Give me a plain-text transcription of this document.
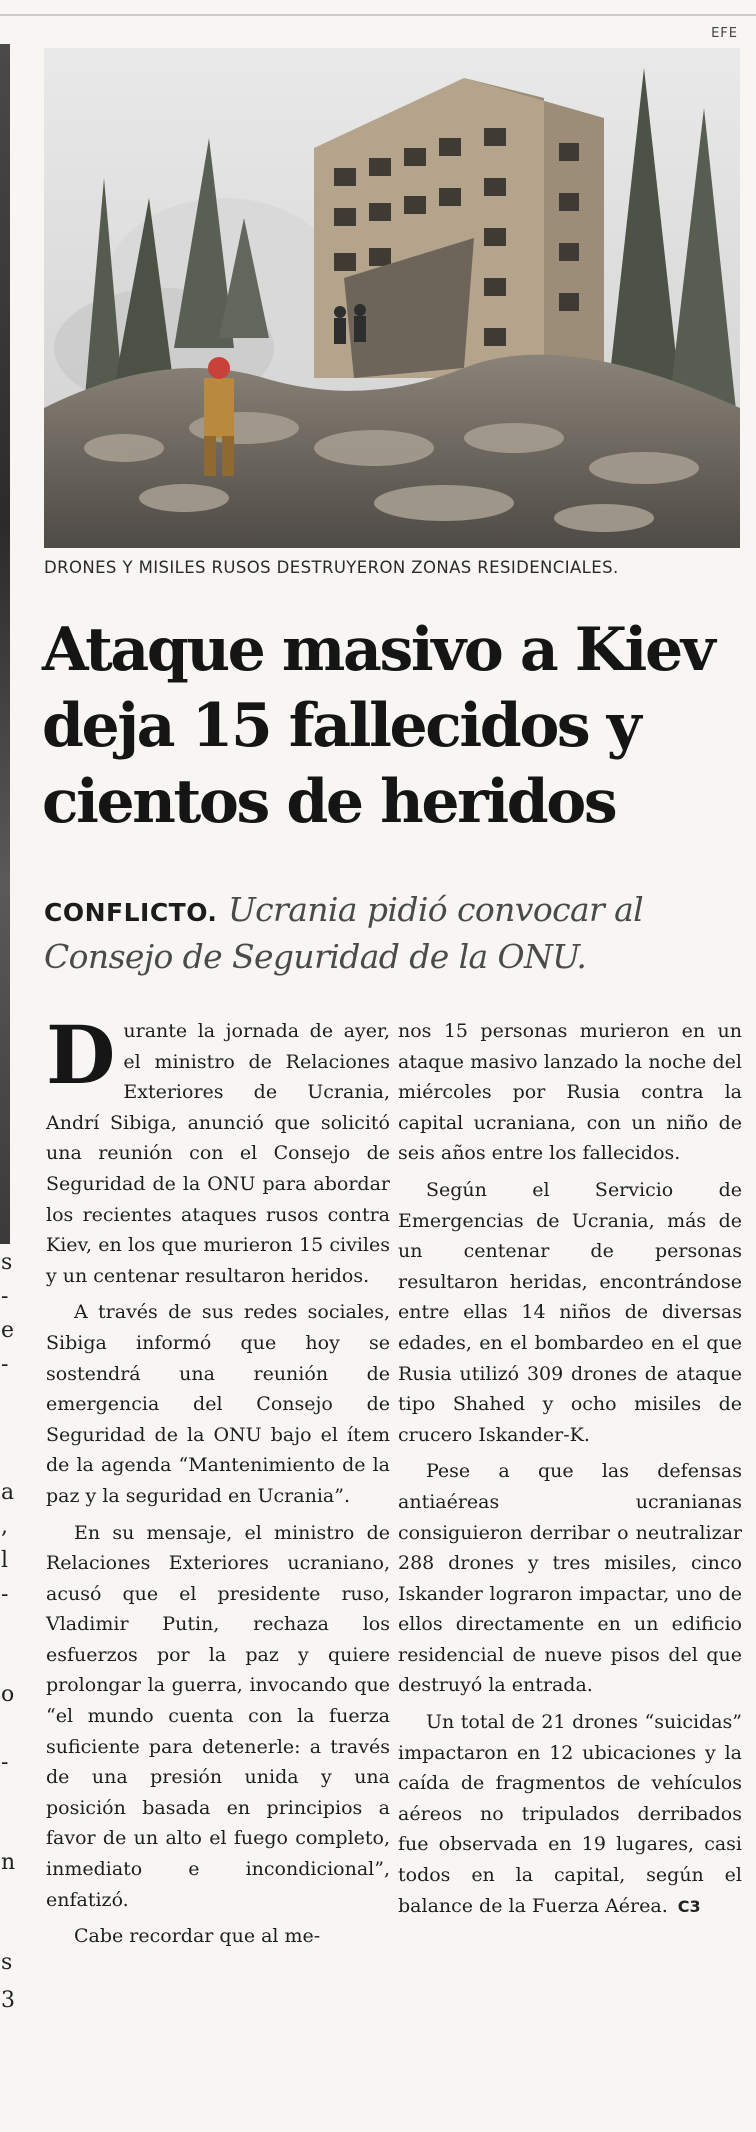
s
-
e
-
a
,
l
-
o
-
n
s
3
EFE
DRONES Y MISILES RUSOS DESTRUYERON ZONAS RESIDENCIALES.
Ataque masivo a Kiev
deja 15 fallecidos y
cientos de heridos

CONFLICTO. Ucrania pidió convocar al Consejo de Seguridad de la ONU.

Durante la jornada de ayer, el ministro de Relaciones Exteriores de Ucrania, Andrí Sibiga, anunció que solicitó una reunión con el Consejo de Seguridad de la ONU para abordar los recientes ataques rusos contra Kiev, en los que murieron 15 civiles y un centenar resultaron heridos.

A través de sus redes sociales, Sibiga informó que hoy se sostendrá una reunión de emergencia del Consejo de Seguridad de la ONU bajo el ítem de la agenda “Mantenimiento de la paz y la seguridad en Ucrania”.

En su mensaje, el ministro de Relaciones Exteriores ucraniano, acusó que el presidente ruso, Vladimir Putin, rechaza los esfuerzos por la paz y quiere prolongar la guerra, invocando que “el mundo cuenta con la fuerza suficiente para detenerle: a través de una presión unida y una posición basada en principios a favor de un alto el fuego completo, inmediato e incondicional”, enfatizó.

Cabe recordar que al me-

nos 15 personas murieron en un ataque masivo lanzado la noche del miércoles por Rusia contra la capital ucraniana, con un niño de seis años entre los fallecidos.

Según el Servicio de Emergencias de Ucrania, más de un centenar de personas resultaron heridas, encontrándose entre ellas 14 niños de diversas edades, en el bombardeo en el que Rusia utilizó 309 drones de ataque tipo Shahed y ocho misiles de crucero Iskander-K.

Pese a que las defensas antiaéreas ucranianas consiguieron derribar o neutralizar 288 drones y tres misiles, cinco Iskander lograron impactar, uno de ellos directamente en un edificio residencial de nueve pisos del que destruyó la entrada.

Un total de 21 drones “suicidas” impactaron en 12 ubicaciones y la caída de fragmentos de vehículos aéreos no tripulados derribados fue observada en 19 lugares, casi todos en la capital, según el balance de la Fuerza Aérea. C3
